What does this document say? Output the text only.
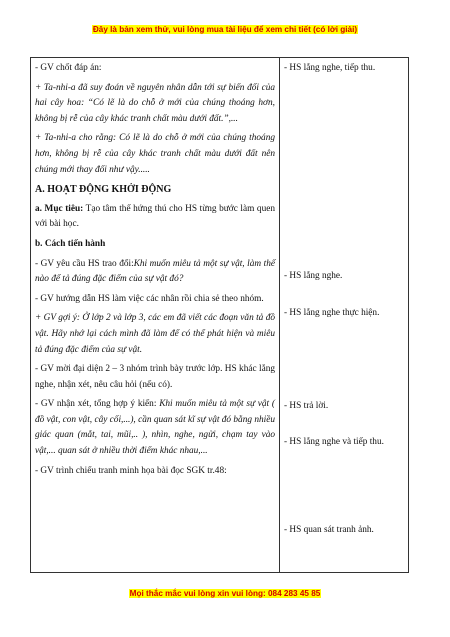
Đây là bản xem thử, vui lòng mua tài liệu để xem chi tiết (có lời giải)

- GV chốt đáp án:

+ Ta-nhi-a đã suy đoán về nguyên nhân dẫn tới sự biến đổi của hai cây hoa: “Có lẽ là do chỗ ở mới của chúng thoáng hơn, không bị rễ của cây khác tranh chất màu dưới đất.”,...

+ Ta-nhi-a cho rằng: Có lẽ là do chỗ ở mới của chúng thoáng hơn, không bị rễ của cây khác tranh chất màu dưới đất nên chúng mới thay đổi như vậy.....

A. HOẠT ĐỘNG KHỞI ĐỘNG

a. Mục tiêu: Tạo tâm thế hứng thú cho HS từng bước làm quen với bài học.

b. Cách tiến hành

- GV yêu cầu HS trao đổi:Khi muốn miêu tả một sự vật, làm thế nào để tả đúng đặc điểm của sự vật đó?

- GV hướng dẫn HS làm việc các nhân rồi chia sẻ theo nhóm.

+ GV gợi ý: Ở lớp 2 và lớp 3, các em đã viết các đoạn văn tả đồ vật. Hãy nhớ lại cách mình đã làm để có thể phát hiện và miêu tả đúng đặc điểm của sự vật.

- GV mời đại diện 2 – 3 nhóm trình bày trước lớp. HS khác lắng nghe, nhận xét, nêu câu hỏi (nếu có).

- GV nhận xét, tổng hợp ý kiến: Khi muốn miêu tả một sự vật ( đồ vật, con vật, cây cối,...), cần quan sát kĩ sự vật đó bằng nhiều giác quan (mắt, tai, mũi,.. ), nhìn, nghe, ngửi, chạm tay vào vật,... quan sát ở nhiều thời điểm khác nhau,...

- GV trình chiếu tranh minh họa bài đọc SGK tr.48:

- HS lắng nghe, tiếp thu.
- HS lắng nghe.
- HS lắng nghe thực hiện.
- HS trả lời.
- HS lắng nghe và tiếp thu.
- HS quan sát tranh ảnh.
Mọi thắc mắc vui lòng xin vui lòng: 084 283 45 85
